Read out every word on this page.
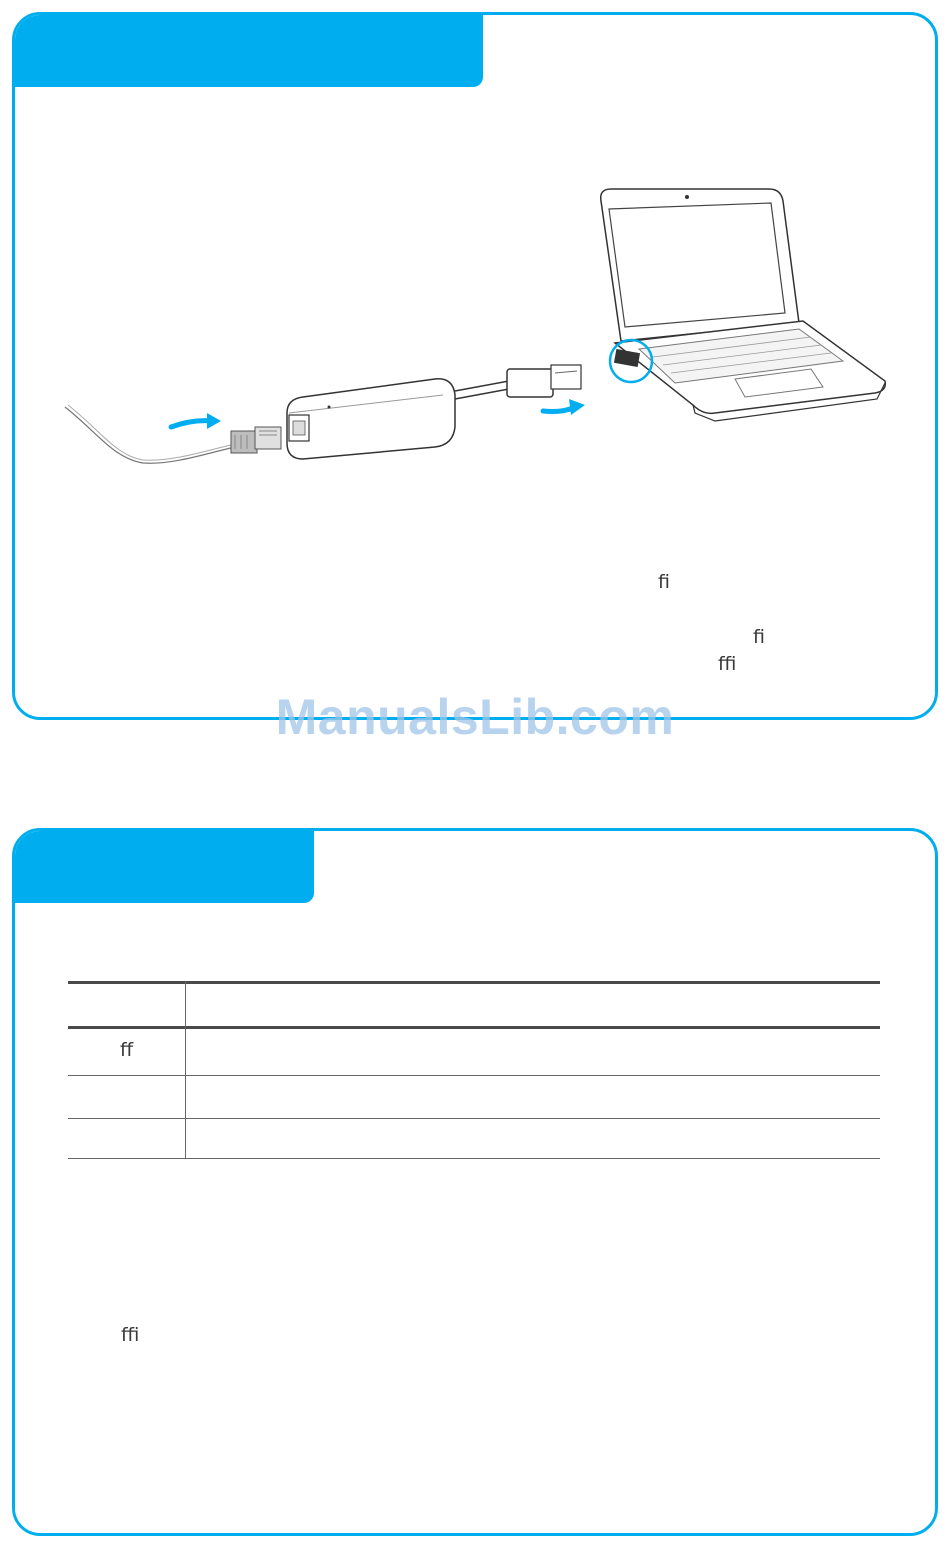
ﬁ
ﬁ
ﬃ
ManualsLib.com
ﬀ
ﬃ
